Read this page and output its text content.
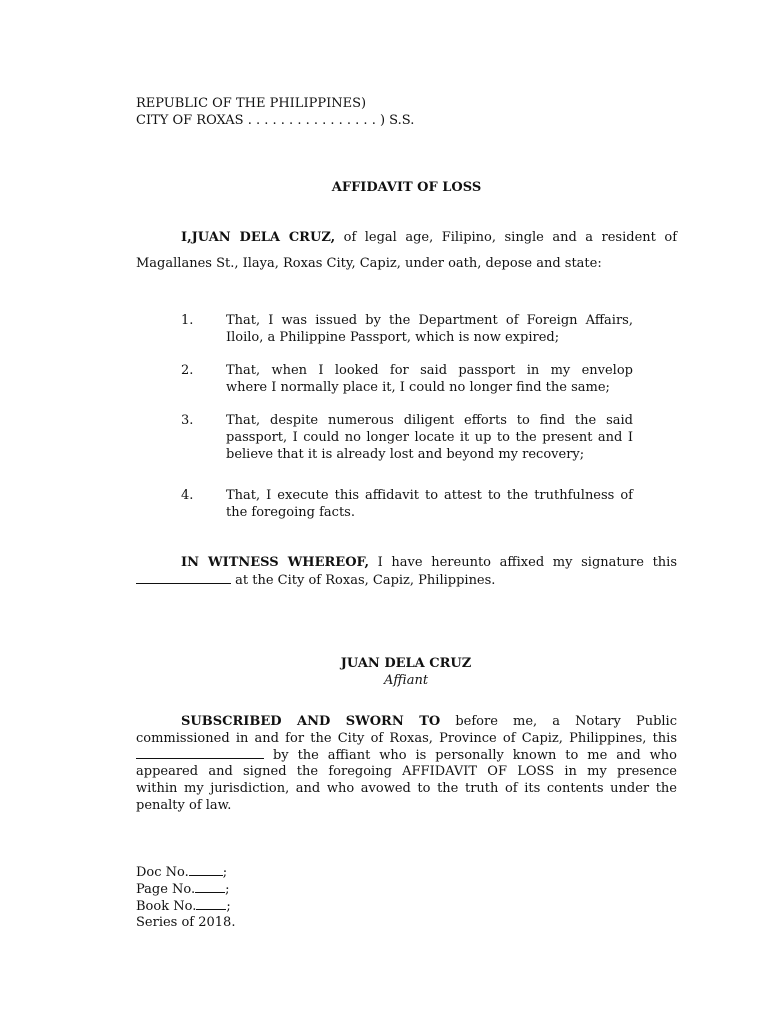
REPUBLIC OF THE PHILIPPINES)
CITY OF ROXAS . . . . . . . . . . . . . . . . ) S.S.
AFFIDAVIT OF LOSS
I,JUAN DELA CRUZ, of legal age, Filipino, single and a resident of
Magallanes St., Ilaya, Roxas City, Capiz, under oath, depose and state:
1.	That, I was issued by the Department of Foreign Affairs,
Iloilo, a Philippine Passport, which is now expired;
2.	That, when I looked for said passport in my envelop
where I normally place it, I could no longer find the same;
3.	That, despite numerous diligent efforts to find the said
passport, I could no longer locate it up to the present and I
believe that it is already lost and beyond my recovery;
4.	That, I execute this affidavit to attest to the truthfulness of
the foregoing facts.
IN WITNESS WHEREOF, I have hereunto affixed my signature this
at the City of Roxas, Capiz, Philippines.
JUAN DELA CRUZ
Affiant
SUBSCRIBED AND SWORN TO before me, a Notary Public
commissioned in and for the City of Roxas, Province of Capiz, Philippines, this
by the affiant who is personally known to me and who
appeared and signed the foregoing AFFIDAVIT OF LOSS in my presence
within my jurisdiction, and who avowed to the truth of its contents under the
penalty of law.
Doc No.	;
Page No. ;
Book No. ;
Series of 2018.
